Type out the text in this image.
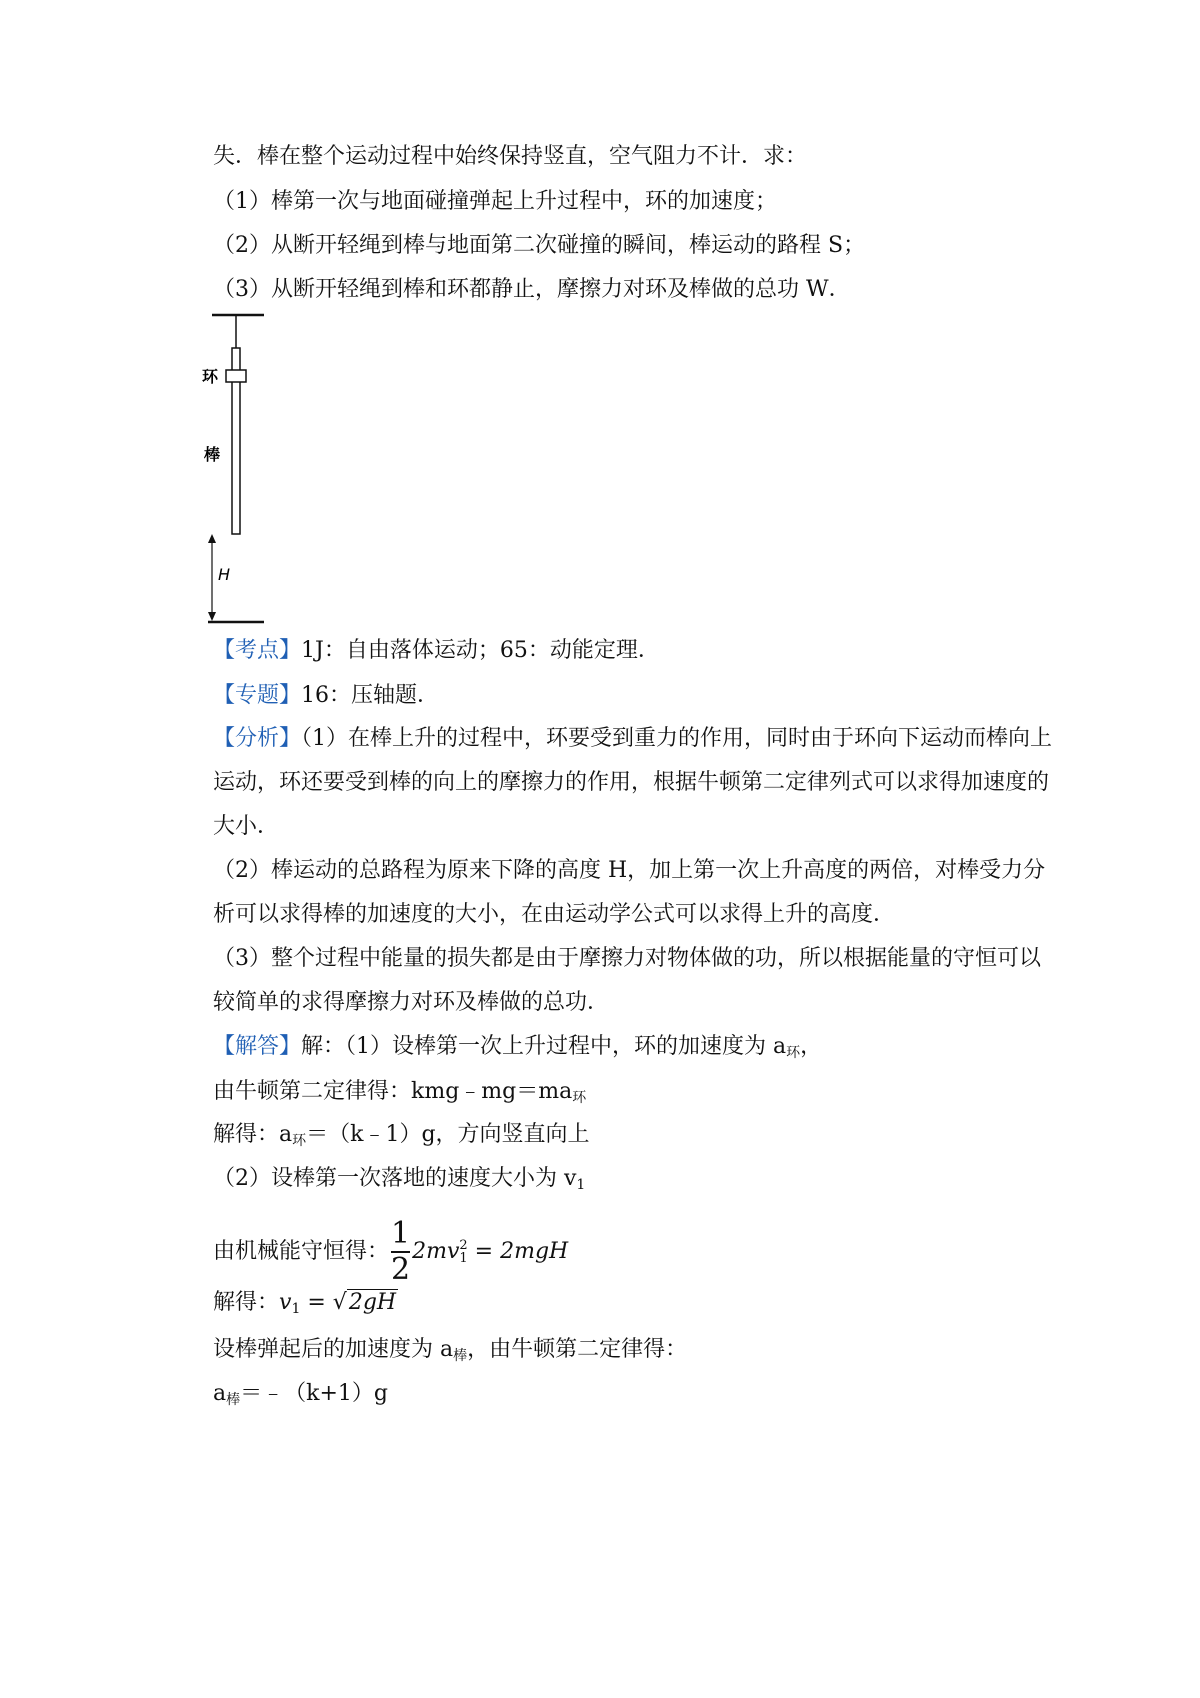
失．棒在整个运动过程中始终保持竖直，空气阻力不计．求：
（1）棒第一次与地面碰撞弹起上升过程中，环的加速度；
（2）从断开轻绳到棒与地面第二次碰撞的瞬间，棒运动的路程 S；
（3）从断开轻绳到棒和环都静止，摩擦力对环及棒做的总功 W．
环
棒
H
【考点】1J：自由落体运动；65：动能定理．
【专题】16：压轴题．
【分析】（1）在棒上升的过程中，环要受到重力的作用，同时由于环向下运动而棒向上
运动，环还要受到棒的向上的摩擦力的作用，根据牛顿第二定律列式可以求得加速度的
大小．
（2）棒运动的总路程为原来下降的高度 H，加上第一次上升高度的两倍，对棒受力分
析可以求得棒的加速度的大小，在由运动学公式可以求得上升的高度．
（3）整个过程中能量的损失都是由于摩擦力对物体做的功，所以根据能量的守恒可以
较简单的求得摩擦力对环及棒做的总功．
【解答】解：（1）设棒第一次上升过程中，环的加速度为 $a_环$，
由牛顿第二定律得：$kmg﹣mg=ma_环$
解得：$a_环=(k﹣1)g$，方向竖直向上
（2）设棒第一次落地的速度大小为 $v_1$
由机械能守恒得： $\frac{1}{2} 2mv$ 2
1 = 2mgH
解得：$v_1 = √2gH$
设棒弹起后的加速度为 $a_棒$，由牛顿第二定律得：
$a_棒=﹣(k+1)g$
